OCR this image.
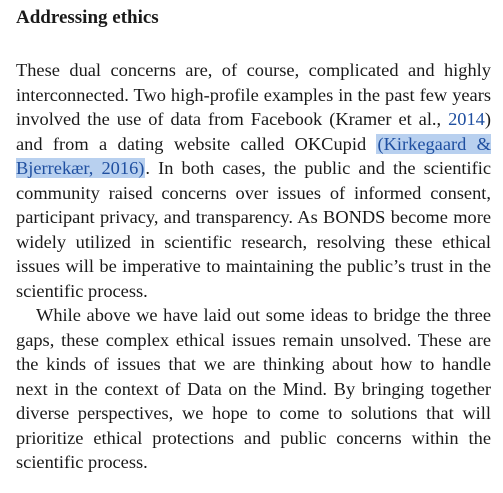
Addressing ethics

These dual concerns are, of course, complicated and highly interconnected. Two high-profile examples in the past few years involved the use of data from Facebook (Kramer et al., 2014) and from a dating website called OKCupid (Kirkegaard & Bjerrekær, 2016). In both cases, the public and the scientific community raised concerns over issues of informed consent, participant privacy, and transparency. As BONDS become more widely utilized in scientific research, resolving these ethical issues will be imperative to maintaining the public’s trust in the scientific process.

While above we have laid out some ideas to bridge the three gaps, these complex ethical issues remain unsolved. These are the kinds of issues that we are thinking about how to handle next in the context of Data on the Mind. By bringing together diverse perspectives, we hope to come to solutions that will prioritize ethical protections and public concerns within the scientific process.
